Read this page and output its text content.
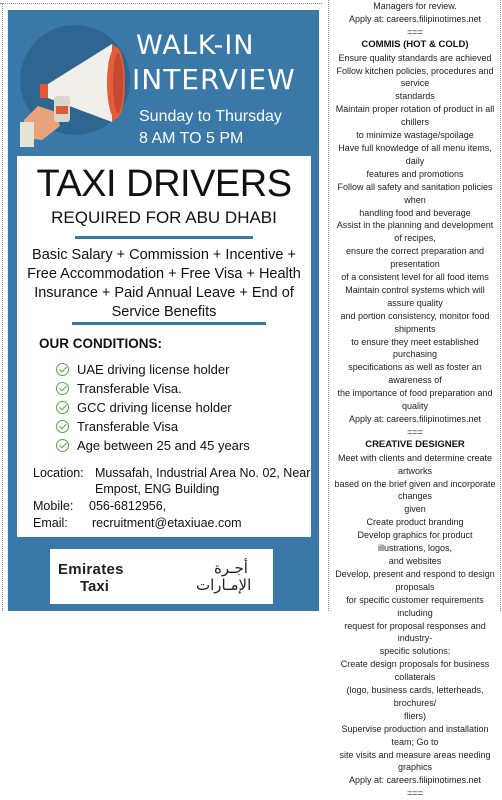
WALK-IN
INTERVIEW
Sunday to Thursday
8 AM TO 5 PM
TAXI DRIVERS
REQUIRED FOR ABU DHABI
Basic Salary + Commission + Incentive + Free Accommodation + Free Visa + Health Insurance + Paid Annual Leave + End of Service Benefits
OUR CONDITIONS:
UAE driving license holder
Transferable Visa.
GCC driving license holder
Transferable Visa
Age between 25 and 45 years
Location: Mussafah, Industrial Area No. 02, Near
Empost, ENG Building
Mobile: 056-6812956,
Email: recruitment@etaxiuae.com
Emirates
Taxi
أجـرة
الإمـارات

Managers for review.

Apply at: careers.filipinotimes.net

===

COMMIS (HOT & COLD)

Ensure quality standards are achieved

Follow kitchen policies, procedures and service

standards

Maintain proper rotation of product in all chillers

to minimize wastage/spoilage

Have full knowledge of all menu items, daily

features and promotions

Follow all safety and sanitation policies when

handling food and beverage

Assist in the planning and development of recipes,

ensure the correct preparation and presentation

of a consistent level for all food items

Maintain control systems which will assure quality

and portion consistency, monitor food shipments

to ensure they meet established purchasing

specifications as well as foster an awareness of

the importance of food preparation and quality

Apply at: careers.filipinotimes.net

===

CREATIVE DESIGNER

Meet with clients and determine create artworks

based on the brief given and incorporate changes

given

Create product branding

Develop graphics for product illustrations, logos,

and websites

Develop, present and respond to design proposals

for specific customer requirements including

request for proposal responses and industry-

specific solutions;

Create design proposals for business collaterals

(logo, business cards, letterheads, brochures/

fliers)

Supervise production and installation team; Go to

site visits and measure areas needing graphics

Apply at: careers.filipinotimes.net

===
